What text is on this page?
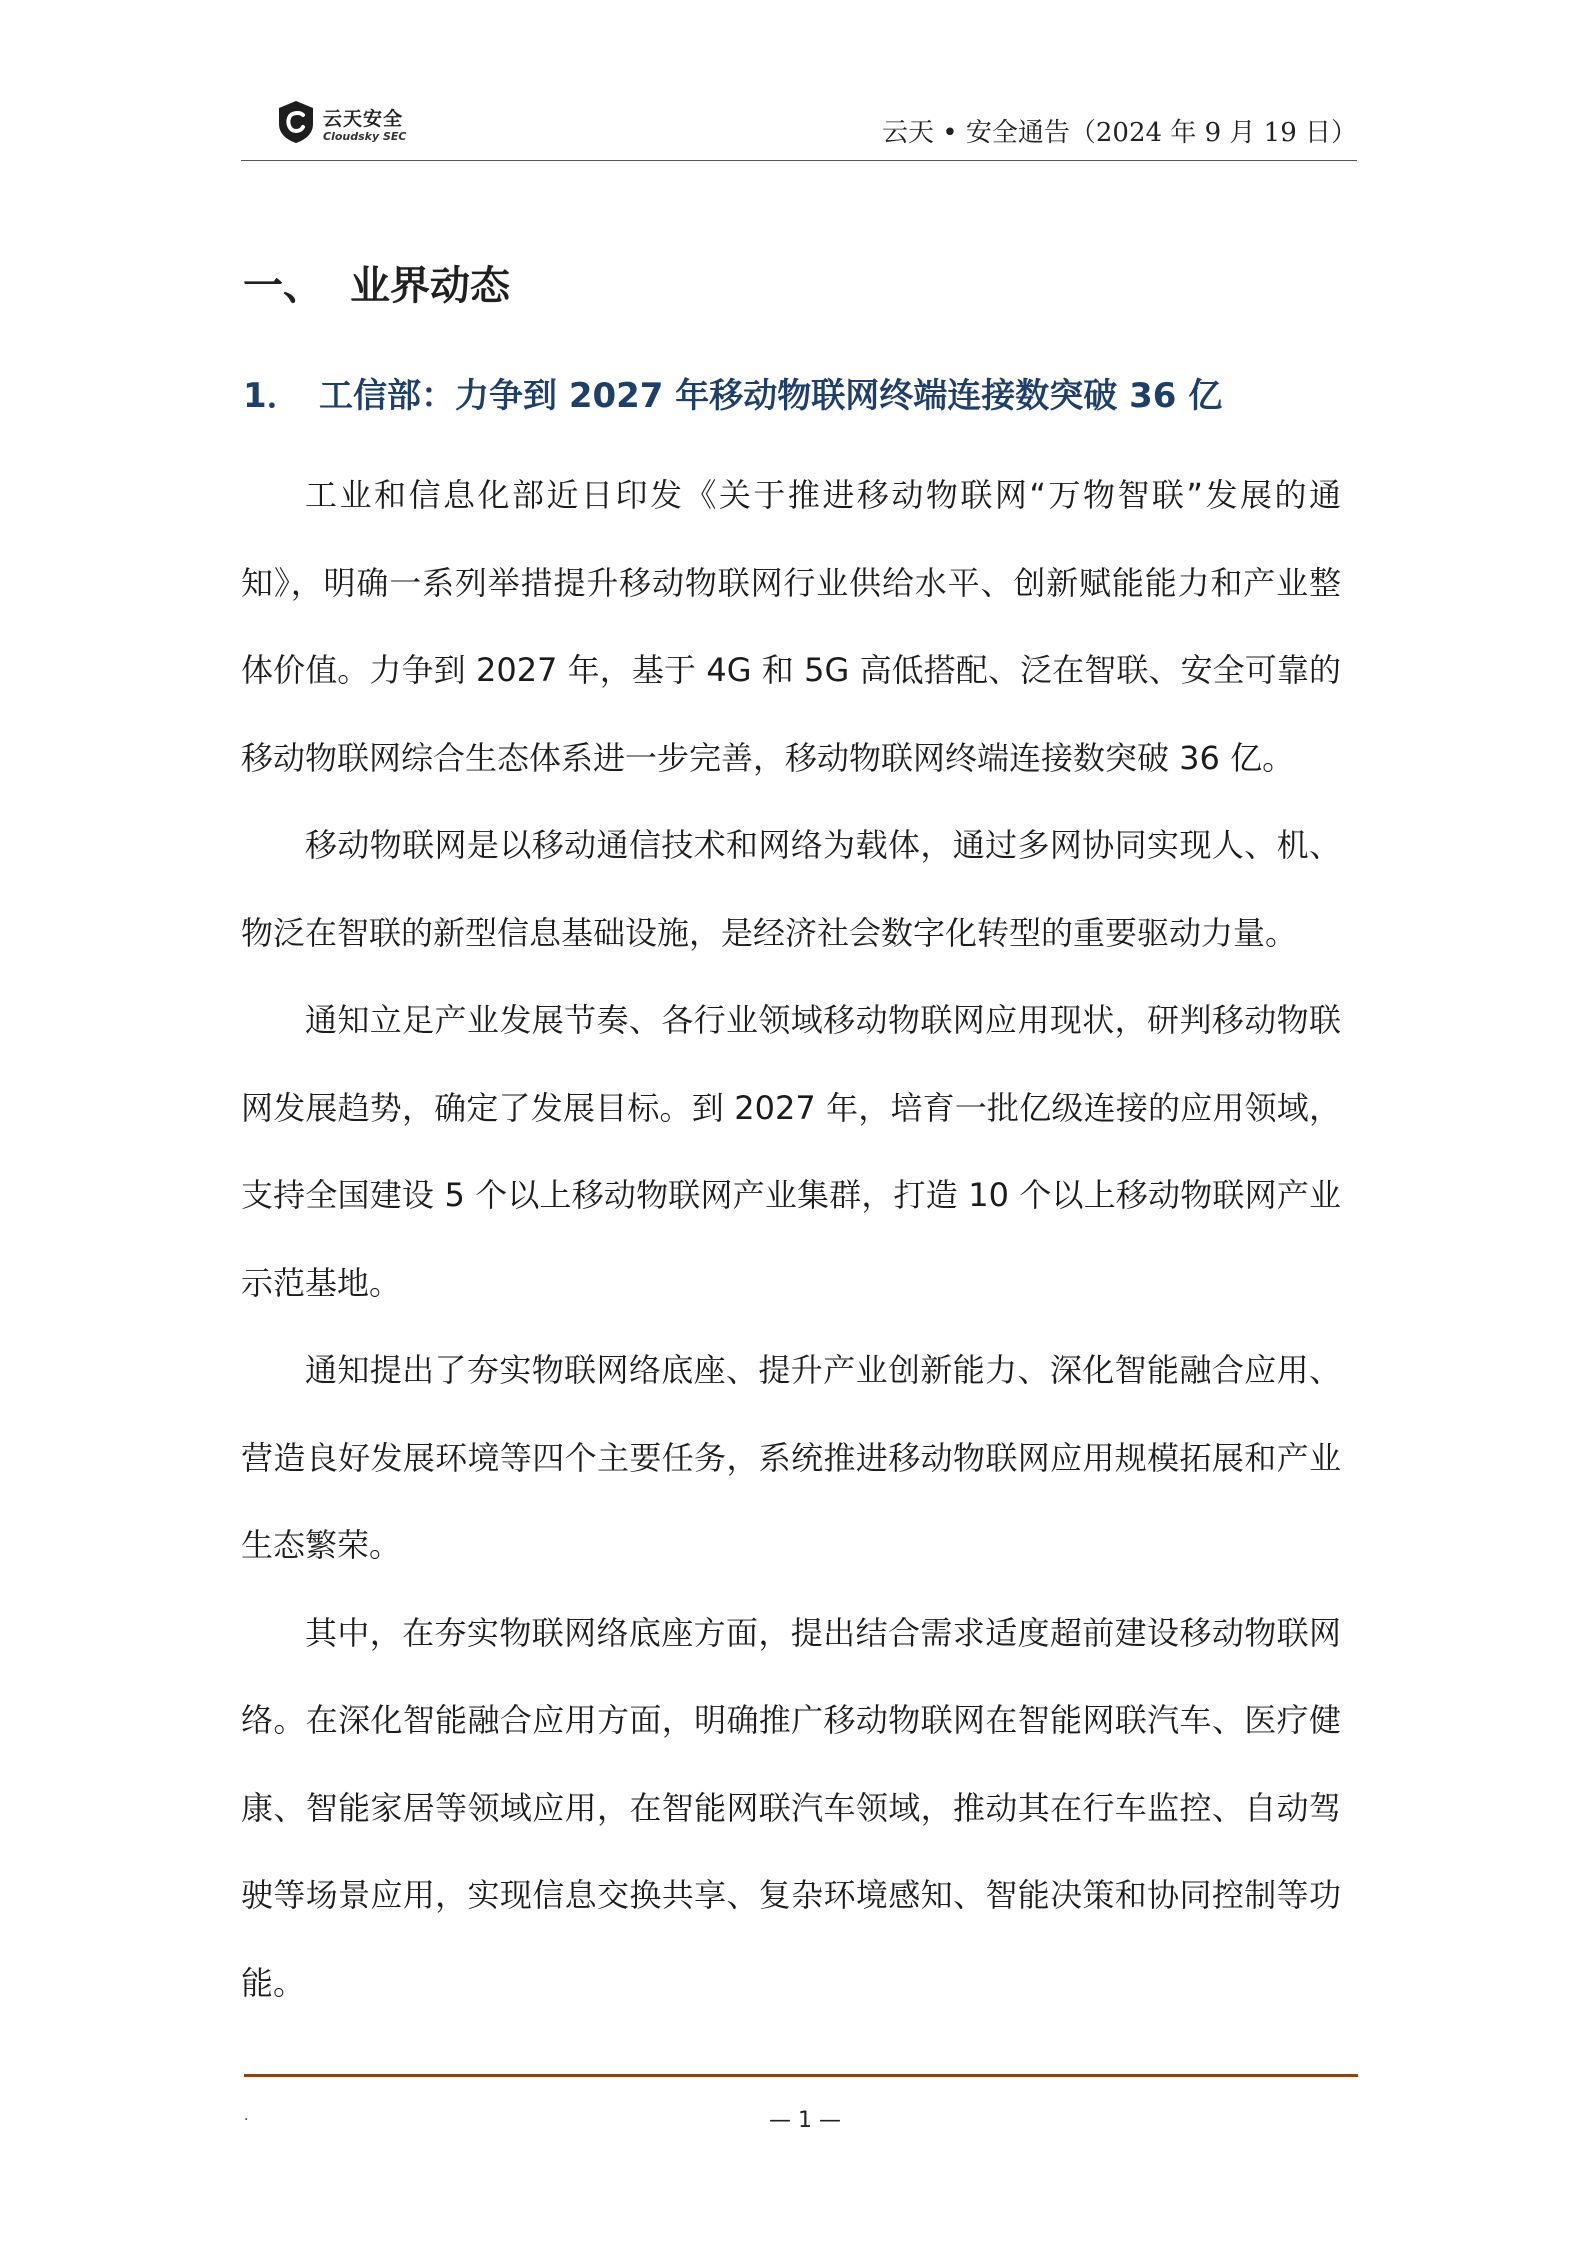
云天安全
Cloudsky SEC	云天 • 安全通告（2024 年 9 月 19 日）
一、 业界动态
1． 工信部：力争到 2027 年移动物联网终端连接数突破 36 亿

工业和信息化部近日印发《关于推进移动物联网“万物智联”发展的通知》，明确一系列举措提升移动物联网行业供给水平、创新赋能能力和产业整体价值。力争到 2027 年，基于 4G 和 5G 高低搭配、泛在智联、安全可靠的移动物联网综合生态体系进一步完善，移动物联网终端连接数突破 36 亿。

移动物联网是以移动通信技术和网络为载体，通过多网协同实现人、机、物泛在智联的新型信息基础设施，是经济社会数字化转型的重要驱动力量。

通知立足产业发展节奏、各行业领域移动物联网应用现状，研判移动物联网发展趋势，确定了发展目标。到 2027 年，培育一批亿级连接的应用领域，支持全国建设 5 个以上移动物联网产业集群，打造 10 个以上移动物联网产业示范基地。

通知提出了夯实物联网络底座、提升产业创新能力、深化智能融合应用、营造良好发展环境等四个主要任务，系统推进移动物联网应用规模拓展和产业生态繁荣。

其中，在夯实物联网络底座方面，提出结合需求适度超前建设移动物联网络。在深化智能融合应用方面，明确推广移动物联网在智能网联汽车、医疗健康、智能家居等领域应用，在智能网联汽车领域，推动其在行车监控、自动驾驶等场景应用，实现信息交换共享、复杂环境感知、智能决策和协同控制等功能。

.	— 1 —
